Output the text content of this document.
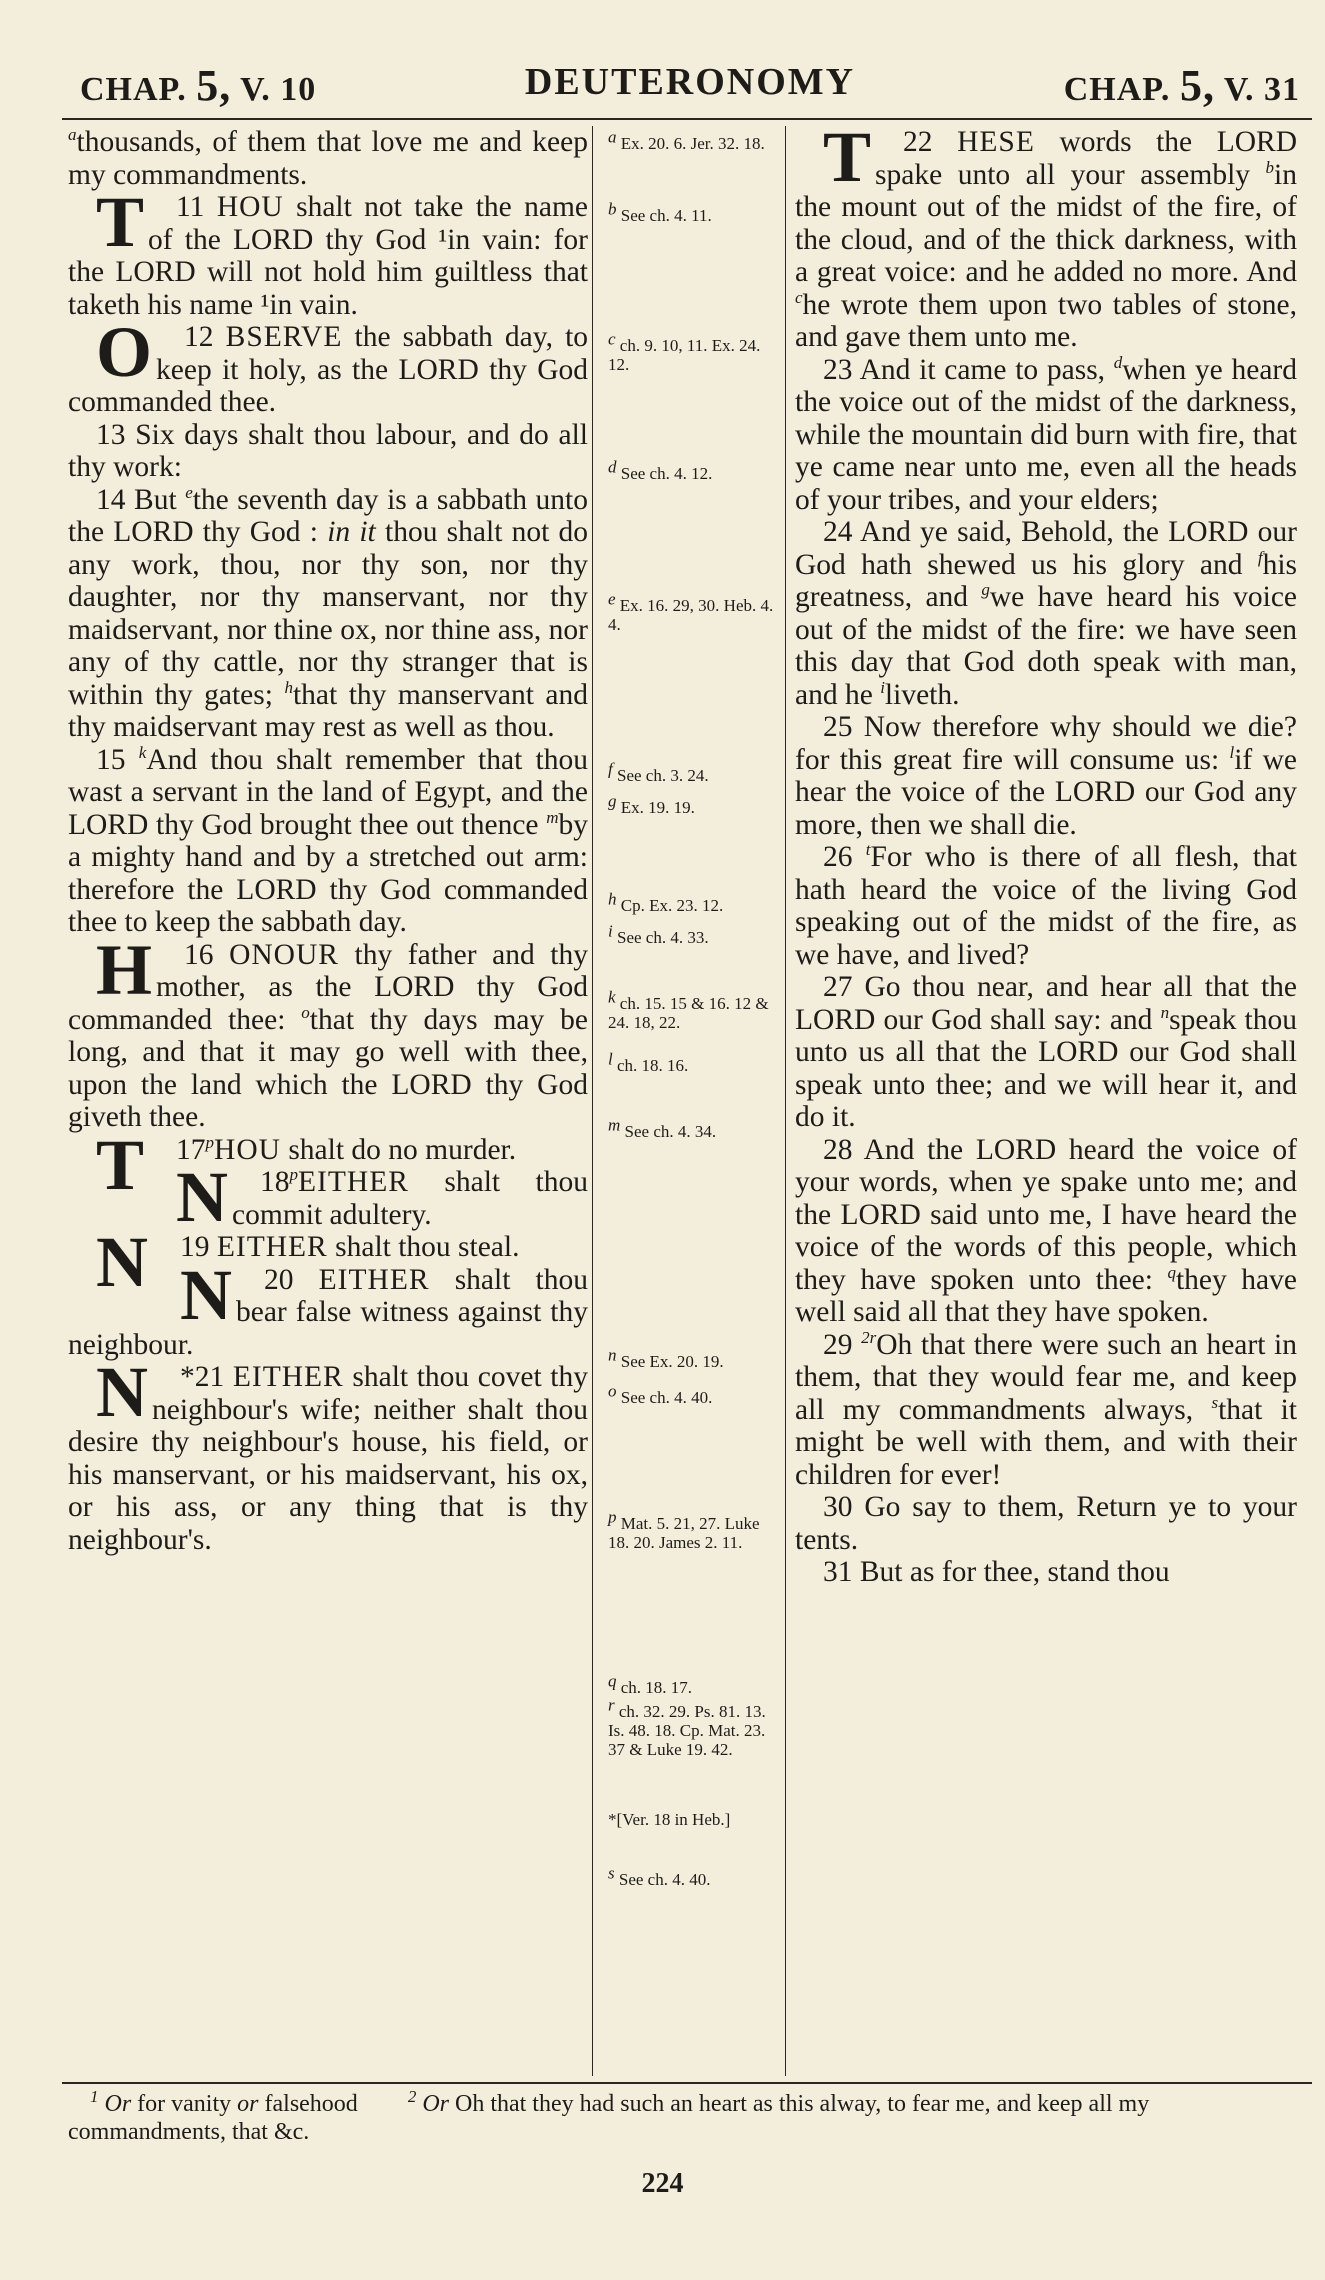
CHAP. 5, V. 10	DEUTERONOMY	CHAP. 5, V. 31

$^a$thousands, of them that love me and keep my commandments.

11
T HOU shalt not take the name of the LORD thy God ¹in vain: for the LORD will not hold him guiltless that taketh his name ¹in vain.

12
O BSERVE the sabbath day, to keep it holy, as the LORD thy God commanded thee.

13 Six days shalt thou labour, and do all thy work:

14 But $^e$the seventh day is a sabbath unto the LORD thy God : in it thou shalt not do any work, thou, nor thy son, nor thy daughter, nor thy manservant, nor thy maidservant, nor thine ox, nor thine ass, nor any of thy cattle, nor thy stranger that is within thy gates; $^h$that thy manservant and thy maidservant may rest as well as thou.

15 $^k$And thou shalt remember that thou wast a servant in the land of Egypt, and the LORD thy God brought thee out thence $^m$by a mighty hand and by a stretched out arm: therefore the LORD thy God commanded thee to keep the sabbath day.

16
H	ONOUR thy father and thy mother, as the LORD thy God commanded thee: $^o$that thy days may be long, and that it may go well with thee, upon the land which the LORD thy God giveth thee.

17$^p$
T HOU shalt do no murder.

18$^p$
N EITHER shalt thou commit adultery.

19
N EITHER shalt thou steal.

20
N	EITHER shalt thou bear false witness against thy neighbour.

*21
N	EITHER shalt thou covet thy neighbour's wife; neither shalt thou desire thy neighbour's house, his field, or his manservant, or his maidservant, his ox, or his ass, or any thing that is thy neighbour's.

a Ex. 20. 6. Jer. 32. 18.
b See ch. 4. 11.
c ch. 9. 10, 11. Ex. 24. 12.
d See ch. 4. 12.
e Ex. 16. 29, 30. Heb. 4. 4.
f See ch. 3. 24.
g Ex. 19. 19.
h Cp. Ex. 23. 12.
i See ch. 4. 33.
k ch. 15. 15 & 16. 12 & 24. 18, 22.
l ch. 18. 16.
m See ch. 4. 34.
n See Ex. 20. 19.
o See ch. 4. 40.
p Mat. 5. 21, 27. Luke 18. 20. James 2. 11.
q ch. 18. 17.
r ch. 32. 29. Ps. 81. 13. Is. 48. 18. Cp. Mat. 23. 37 & Luke 19. 42.
*[Ver. 18 in Heb.]
s See ch. 4. 40.

22
T	HESE words the LORD spake unto all your assembly $^b$in the mount out of the midst of the fire, of the cloud, and of the thick darkness, with a great voice: and he added no more. And $^c$he wrote them upon two tables of stone, and gave them unto me.

23 And it came to pass, $^d$when ye heard the voice out of the midst of the darkness, while the mountain did burn with fire, that ye came near unto me, even all the heads of your tribes, and your elders;

24 And ye said, Behold, the LORD our God hath shewed us his glory and $^f$his greatness, and $^g$we have heard his voice out of the midst of the fire: we have seen this day that God doth speak with man, and he $^i$liveth.

25 Now therefore why should we die? for this great fire will consume us: $^l$if we hear the voice of the LORD our God any more, then we shall die.

26 $^t$For who is there of all flesh, that hath heard the voice of the living God speaking out of the midst of the fire, as we have, and lived?

27 Go thou near, and hear all that the LORD our God shall say: and $^n$speak thou unto us all that the LORD our God shall speak unto thee; and we will hear it, and do it.

28 And the LORD heard the voice of your words, when ye spake unto me; and the LORD said unto me, I have heard the voice of the words of this people, which they have spoken unto thee: $^q$they have well said all that they have spoken.

29 $^{2r}$Oh that there were such an heart in them, that they would fear me, and keep all my commandments always, $^s$that it might be well with them, and with their children for ever!

30 Go say to them, Return ye to your tents.

31 But as for thee, stand thou

$^1$ Or for vanity or falsehood	$^2$ Or Oh that they had such an heart as this alway, to fear me, and keep all my commandments, that &c.
224
